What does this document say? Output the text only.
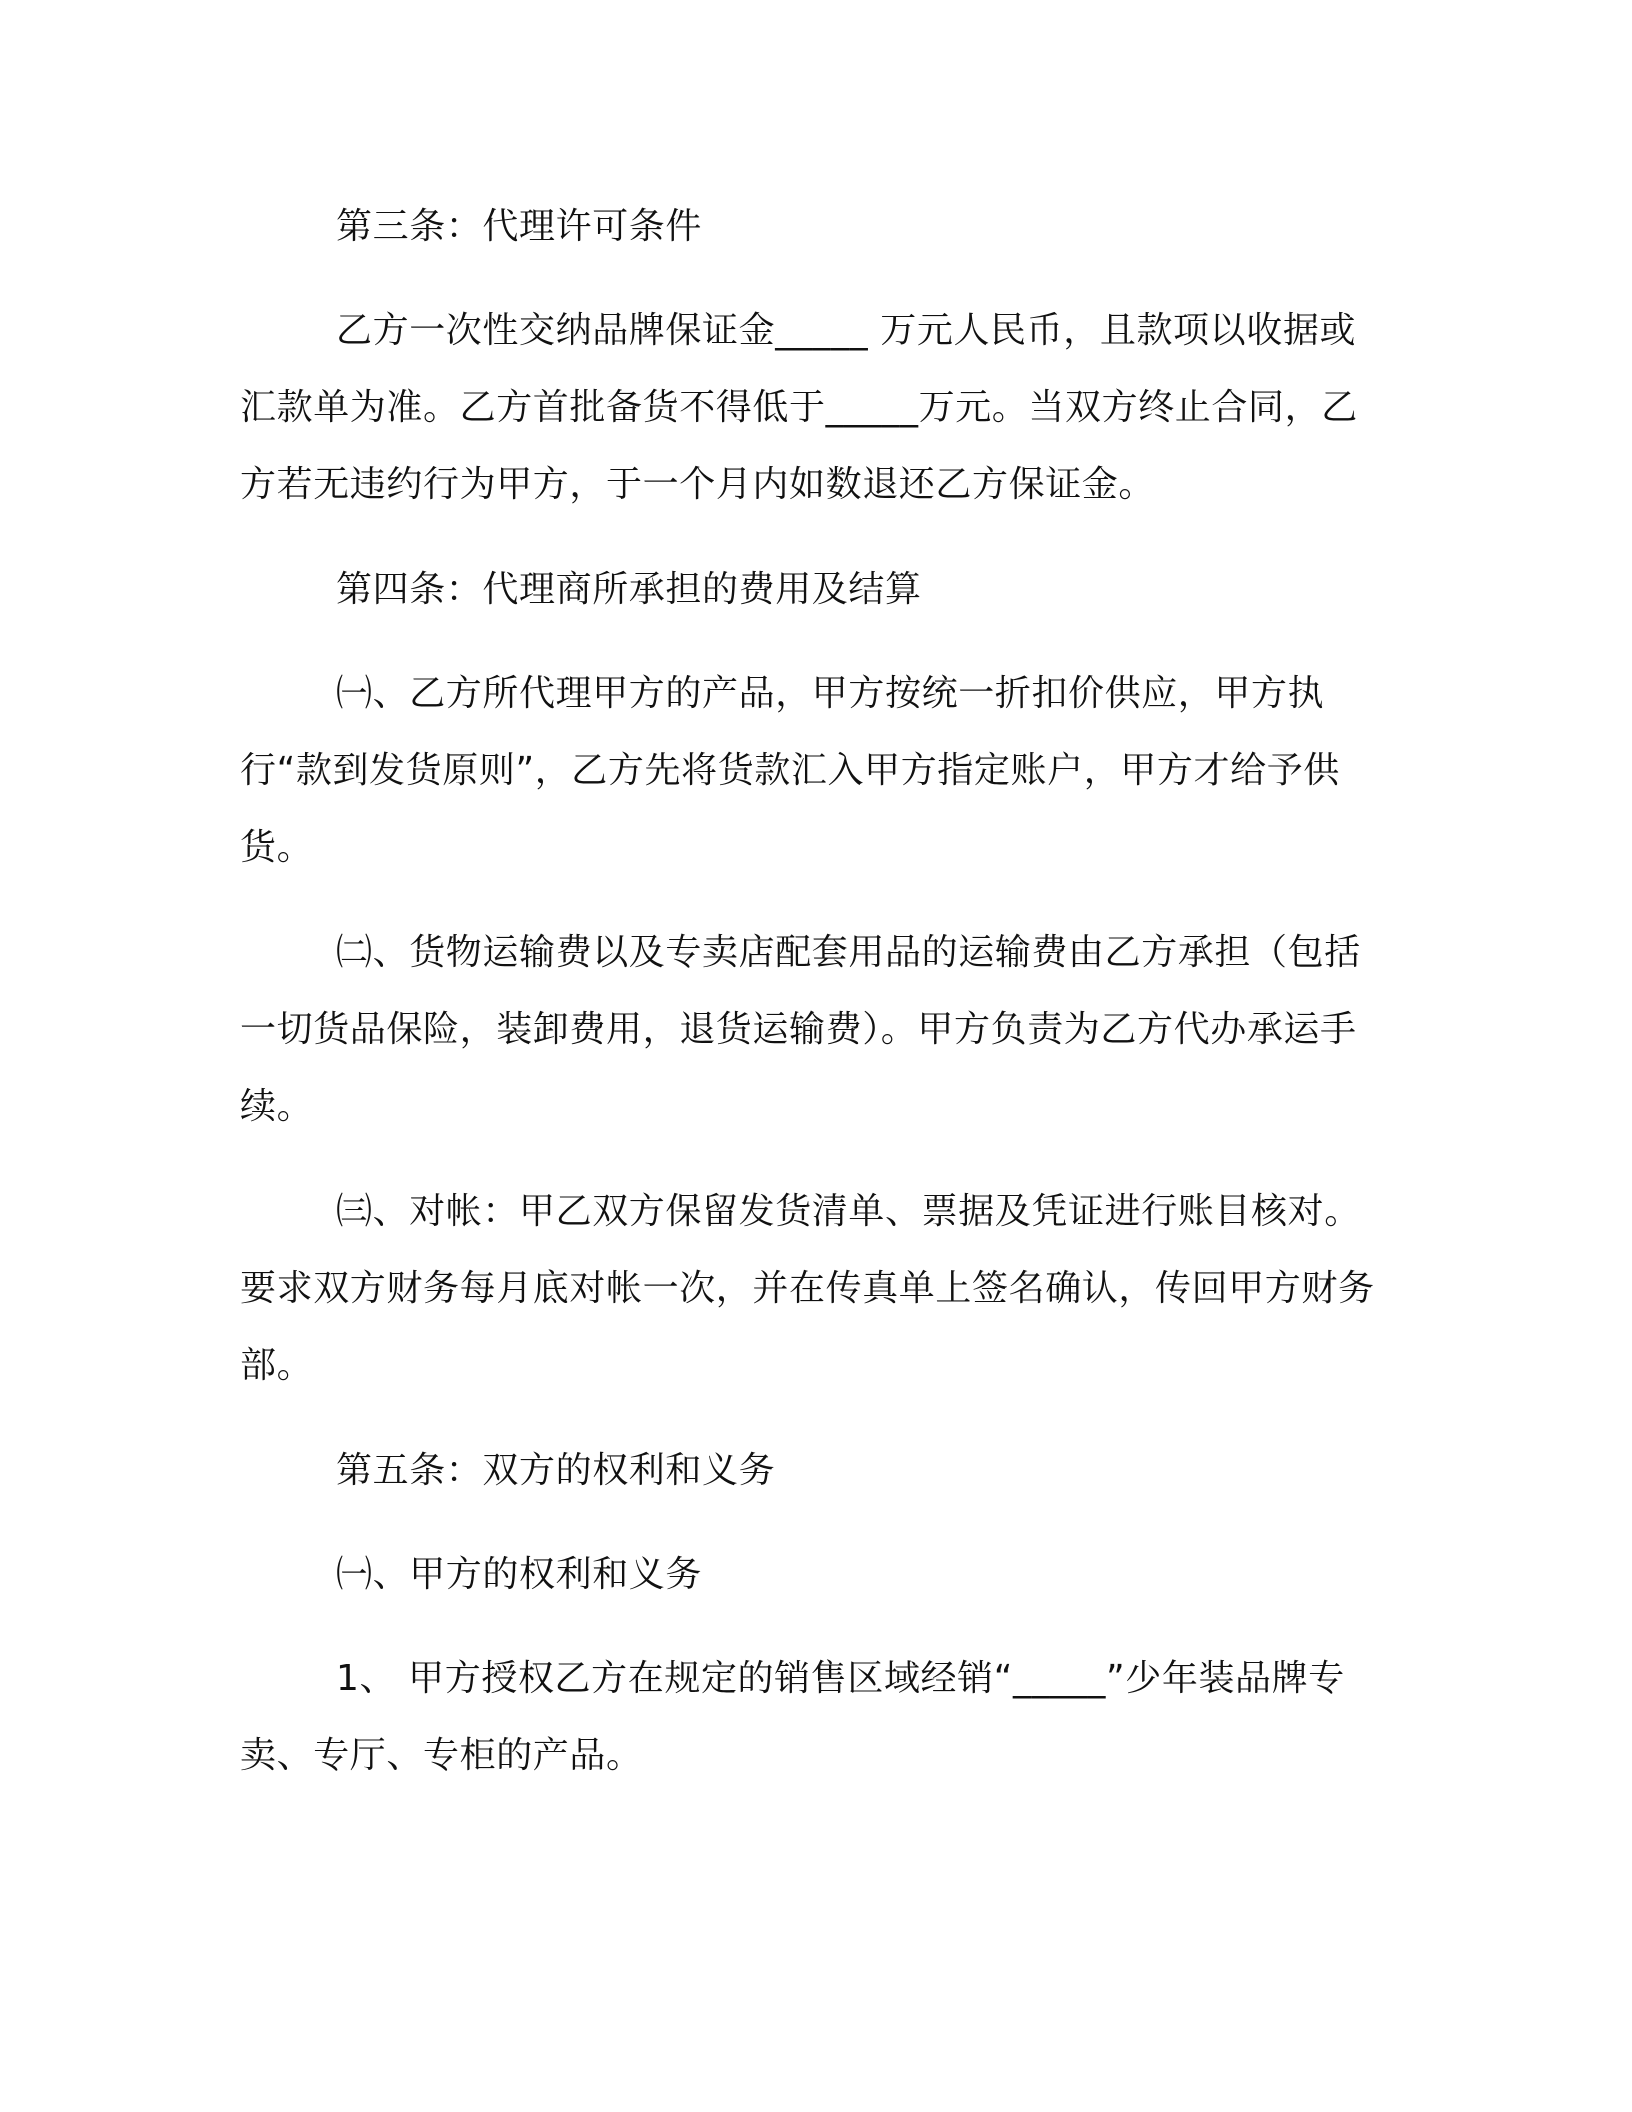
第三条：代理许可条件

乙方一次性交纳品牌保证金_____ 万元人民币，且款项以收据或汇款单为准。乙方首批备货不得低于_____万元。当双方终止合同，乙方若无违约行为甲方，于一个月内如数退还乙方保证金。

第四条：代理商所承担的费用及结算

㈠、乙方所代理甲方的产品，甲方按统一折扣价供应，甲方执行“款到发货原则”，乙方先将货款汇入甲方指定账户，甲方才给予供货。

㈡、货物运输费以及专卖店配套用品的运输费由乙方承担（包括一切货品保险，装卸费用，退货运输费）。甲方负责为乙方代办承运手续。

㈢、对帐：甲乙双方保留发货清单、票据及凭证进行账目核对。要求双方财务每月底对帐一次，并在传真单上签名确认，传回甲方财务部。

第五条：双方的权利和义务

㈠、甲方的权利和义务

1、 甲方授权乙方在规定的销售区域经销“_____”少年装品牌专卖、专厅、专柜的产品。
